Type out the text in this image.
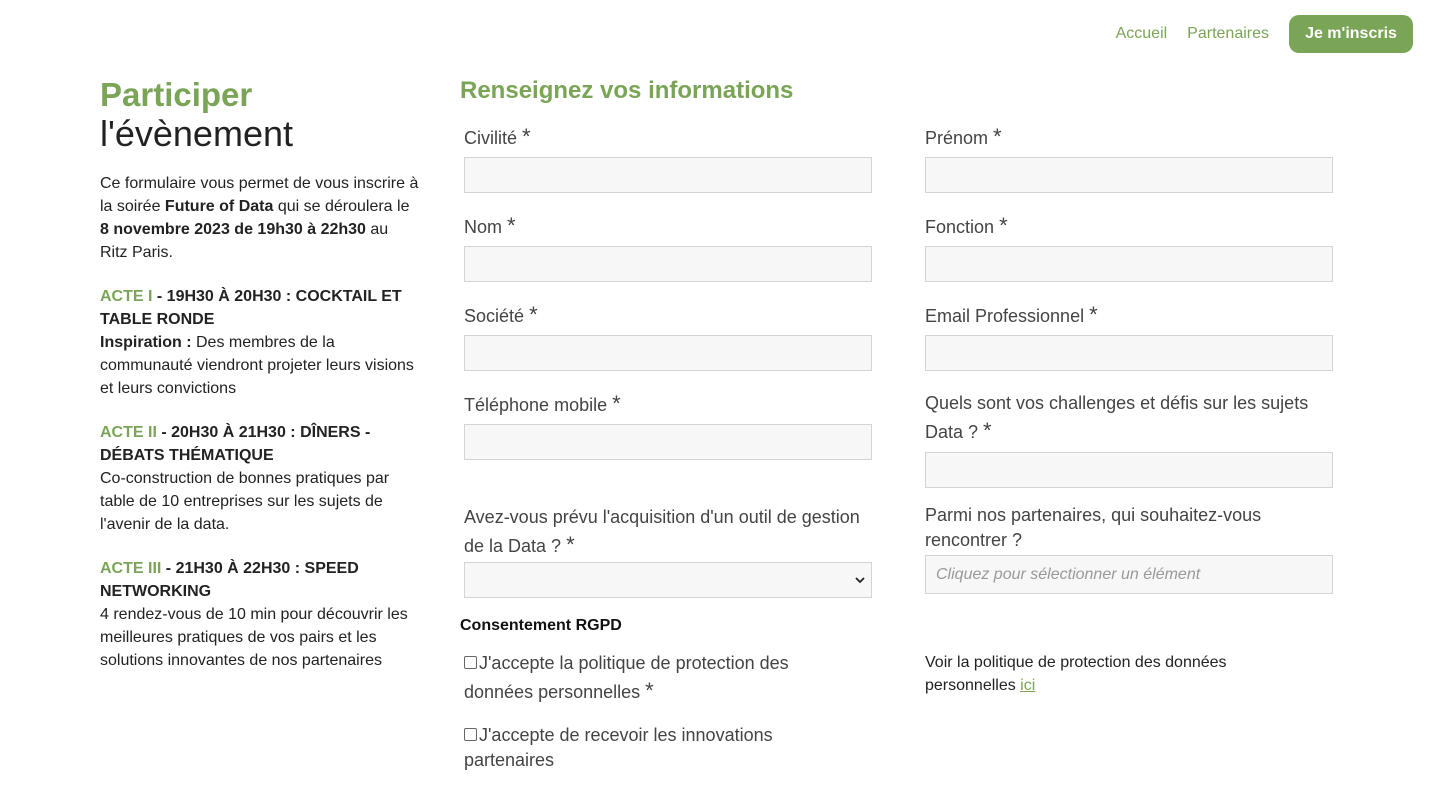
Accueil Partenaires	Je m'inscris
Participer
l'évènement

Ce formulaire vous permet de vous inscrire à la soirée Future of Data qui se déroulera le 8 novembre 2023 de 19h30 à 22h30 au Ritz Paris.

ACTE I - 19H30 À 20H30 : COCKTAIL ET TABLE RONDE

Inspiration : Des membres de la communauté viendront projeter leurs visions et leurs convictions

ACTE II - 20H30 À 21H30 : DÎNERS - DÉBATS THÉMATIQUE

Co-construction de bonnes pratiques par table de 10 entreprises sur les sujets de l'avenir de la data.

ACTE III - 21H30 À 22H30 : SPEED NETWORKING

4 rendez-vous de 10 min pour découvrir les meilleures pratiques de vos pairs et les solutions innovantes de nos partenaires

Renseignez vos informations
Civilité *	Prénom *
Nom *	Fonction *
Société *	Email Professionnel *
Téléphone mobile *	Quels sont vos challenges et défis sur les sujets Data ? *
Avez-vous prévu l'acquisition d'un outil de gestion de la Data ? *
Parmi nos partenaires, qui souhaitez-vous rencontrer ?
Cliquez pour sélectionner un élément
Consentement RGPD
J'accepte la politique de protection des données personnelles *
J'accepte de recevoir les innovations partenaires
Voir la politique de protection des données personnelles ici
